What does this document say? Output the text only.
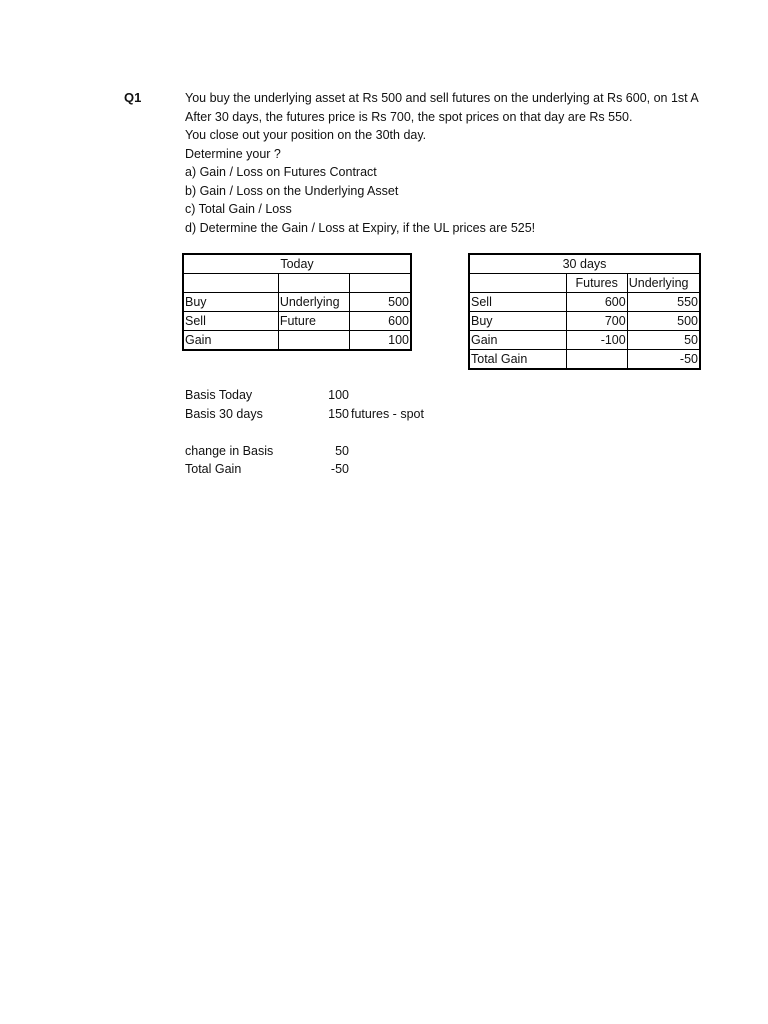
Q1	You buy the underlying asset at Rs 500 and sell futures on the underlying at Rs 600, on 1st A
After 30 days, the futures price is Rs 700, the spot prices on that day are Rs 550.
You close out your position on the 30th day.
Determine your ?
a) Gain / Loss on Futures Contract
b) Gain / Loss on the Underlying Asset
c) Total Gain / Loss
d) Determine the Gain / Loss at Expiry, if the UL prices are 525!
Today		

Buy	Underlying	500
Sell	Future	600
Gain		100
30 days		
	Futures	Underlying
Sell	600	550
Buy	700	500
Gain	-100	50
Total Gain		-50
Basis Today	100
Basis 30 days	150 futures - spot
change in Basis	50
Total Gain	-50
